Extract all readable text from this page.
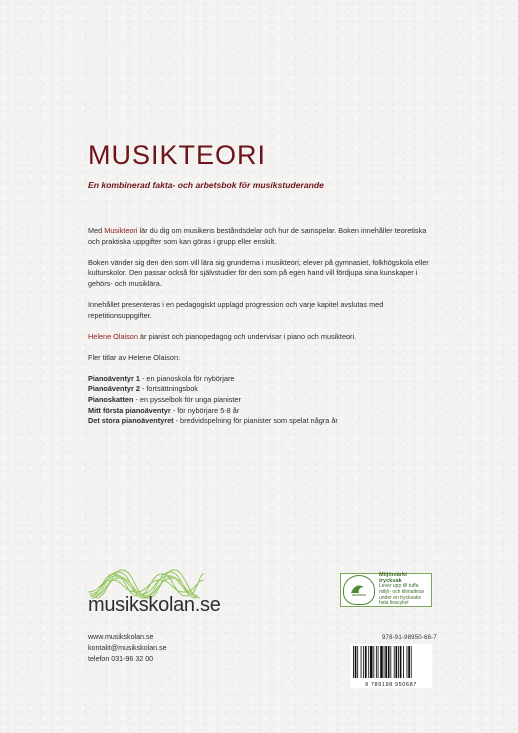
MUSIKTEORI
En kombinerad fakta- och arbetsbok för musikstuderande

Med Musikteori lär du dig om musikens beståndsdelar och hur de samspelar. Boken innehåller teoretiska och praktiska uppgifter som kan göras i grupp eller enskilt.

Boken vänder sig den den som vill lära sig grunderna i musikteori; elever på gymnasiet, folkhögskola eller kulturskolor. Den passar också för självstudier för den som på egen hand vill fördjupa sina kunskaper i gehörs- och musiklära.

Innehållet presenteras i en pedagogiskt upplagd progression och varje kapitel avslutas med repetitionsuppgifter.

Helene Olaison är pianist och pianopedagog och undervisar i piano och musikteori.

Fler titlar av Helene Olaison:

Pianoäventyr 1 - en pianoskola för nybörjare
Pianoäventyr 2 - fortsättningsbok
Pianoskatten - en pysselbok för unga pianister
Mitt första pianoäventyr - för nybörjare 5-8 år
Det stora pianoäventyret - bredvidspelning för pianister som spelat några år
musikskolan.se
www.musikskolan.se
kontakt@musikskolan.se
telefon 031-96 32 00
Miljömärkt trycksak
Lever upp till tuffa miljö- och klimatkrav under en trycksaks hela livscykel
978-91-98950-68-7
9 789198 950687
